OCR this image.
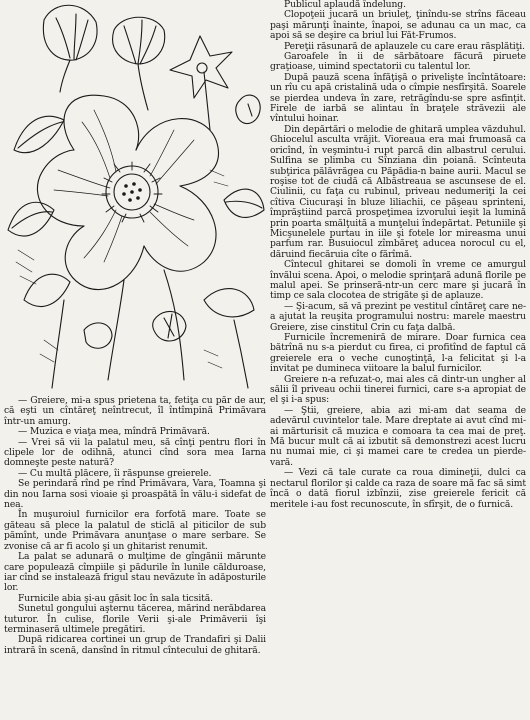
— Greiere, mi-a spus prietena ta, fetiţa cu păr de aur, că eşti un cîntăreţ neîntrecut, îl întîmpină Primăvara într-un amurg.

— Muzica e viaţa mea, mîndră Primăvară.

— Vrei să vii la palatul meu, să cînţi pentru flori în clipele lor de odihnă, atunci cînd sora mea Iarna domneşte peste natură?

— Cu multă plăcere, îi răspunse greierele.

Se perindară rînd pe rînd Primăvara, Vara, Toamna şi din nou Iarna sosi vioaie şi proaspătă în vălu-i sidefat de nea.

În muşuroiul furnicilor era forfotă mare. Toate se găteau să plece la palatul de sticlă al piticilor de sub pămînt, unde Primăvara anunţase o mare serbare. Se zvonise că ar fi acolo şi un ghitarist renumit.

La palat se adunară o mulţime de gîngănii mărunte care populează cîmpiile şi pădurile în lunile călduroase, iar cînd se instalează frigul stau nevăzute în adăposturile lor.

Furnicile abia şi-au găsit loc în sala ticsită.

Sunetul gongului aşternu tăcerea, mărind nerăbdarea tuturor. În culise, florile Verii şi-ale Primăverii îşi terminaseră ultimele pregătiri.

După ridicarea cortinei un grup de Trandafiri şi Dalii intrară în scenă, dansînd în ritmul cîntecului de ghitară.

Publicul aplaudă îndelung.

Clopoţeii jucară un briuleţ, ţinîndu-se strîns făceau paşi mărunţi înainte, înapoi, se adunau ca un mac, ca apoi să se deşire ca briul lui Făt-Frumos.

Pereţii răsunară de aplauzele cu care erau răsplătiţi.

Garoafele în ii de sărbătoare făcură piruete graţioase, uimind spectatorii cu talentul lor.

După pauză scena înfăţişă o privelişte încîntătoare: un rîu cu apă cristalină uda o cîmpie nesfîrşită. Soarele se pierdea undeva în zare, retrăgîndu-se spre asfinţit. Firele de iarbă se alintau în braţele străvezii ale vîntului hoinar.

Din depărtări o melodie de ghitară umplea văzduhul. Ghiocelul asculta vrăjit. Vioreaua era mai frumoasă ca oricînd, în veşmintu-i rupt parcă din albastrul cerului. Sulfina se plimba cu Sînziana din poiană. Scînteuta subţirica pălăvrăgea cu Păpădia-n baine aurii. Macul se roşise tot de ciudă că Albăstreaua se ascunsese de el. Ciulinii, cu faţa cu rubinul, priveau nedumeriţi la cei cîtiva Ciucuraşi în bluze liliachii, ce păşeau sprinteni, împrăştiind parcă prospeţimea izvorului ieşit la lumină prin poarta smălţuită a munţelui îndepărtat. Petuniile şi Micşunelele purtau in iile şi fotele lor mireasma unui parfum rar. Busuiocul zîmbăreţ aducea norocul cu el, dăruind fiecăruia cîte o fărîmă.

Cîntecul ghitarei se domoli în vreme ce amurgul învălui scena. Apoi, o melodie sprinţară adună florile pe malul apei. Se prinseră-ntr-un cerc mare şi jucară în timp ce sala clocotea de strigăte şi de aplauze.

— Şi-acum, să vă prezint pe vestitul cîntăreţ care ne-a ajutat la reuşita programului nostru: marele maestru Greiere, zise cinstitul Crin cu faţa dalbă.

Furnicile încremeniră de mirare. Doar furnica cea bătrînă nu s-a pierdut cu firea, ci profitînd de faptul că greierele era o veche cunoştinţă, l-a felicitat şi l-a invitat pe dumineca viitoare la balul furnicilor.

Greiere n-a refuzat-o, mai ales că dintr-un ungher al sălii îl priveau ochii tinerei furnici, care s-a apropiat de el şi i-a spus:

— Ştii, greiere, abia azi mi-am dat seama de adevărul cuvintelor tale. Mare dreptate ai avut cînd mi-ai mărturisit că muzica e comoara ta cea mai de preţ. Mă bucur mult că ai izbutit să demonstrezi acest lucru nu numai mie, ci şi mamei care te credea un pierde-vară.

— Vezi că tale curate ca roua dimineţii, dulci ca nectarul florilor şi calde ca raza de soare mă fac să simt încă o dată fiorul izbînzii, zise greierele fericit că meritele i-au fost recunoscute, în sfîrşit, de o furnică.
